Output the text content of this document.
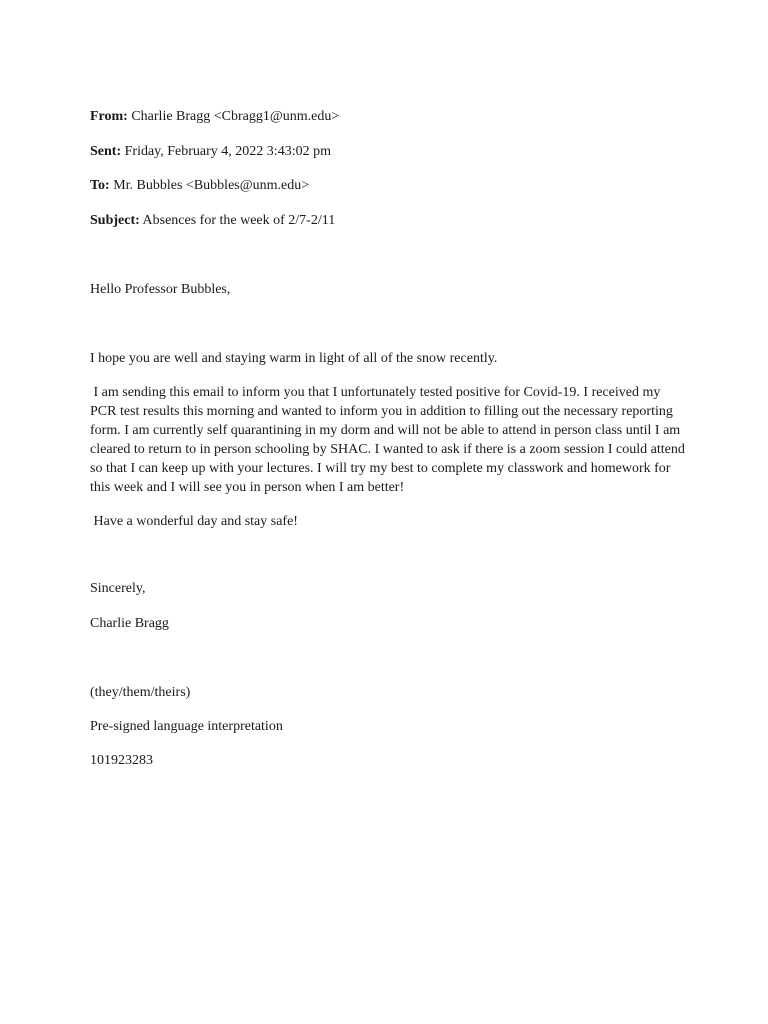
From: Charlie Bragg <Cbragg1@unm.edu>
Sent: Friday, February 4, 2022 3:43:02 pm
To: Mr. Bubbles <Bubbles@unm.edu>
Subject: Absences for the week of 2/7-2/11
Hello Professor Bubbles,
I hope you are well and staying warm in light of all of the snow recently.
I am sending this email to inform you that I unfortunately tested positive for Covid-19. I received my
PCR test results this morning and wanted to inform you in addition to filling out the necessary reporting
form. I am currently self quarantining in my dorm and will not be able to attend in person class until I am
cleared to return to in person schooling by SHAC. I wanted to ask if there is a zoom session I could attend
so that I can keep up with your lectures. I will try my best to complete my classwork and homework for
this week and I will see you in person when I am better!
Have a wonderful day and stay safe!
Sincerely,
Charlie Bragg
(they/them/theirs)
Pre-signed language interpretation
101923283
